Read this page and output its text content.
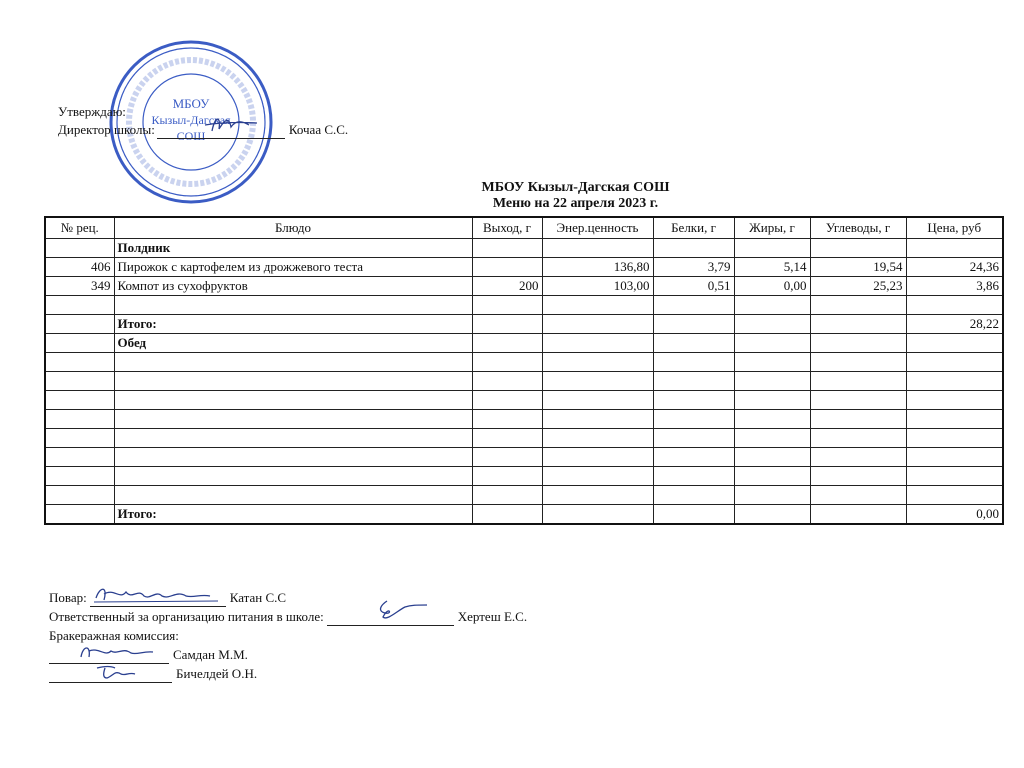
МБОУ
Кызыл-Дагская
СОШ
Утверждаю:
Директор школы:	Кочаа С.С.
МБОУ Кызыл-Дагская СОШ
Меню на 22 апреля 2023 г.
№ рец.	Блюдо	Выход, г	Энер.ценность	Белки, г	Жиры, г	Углеводы, г	Цена, руб
	Полдник						
406	Пирожок с картофелем из дрожжевого теста		136,80	3,79	5,14	19,54	24,36
349	Компот из сухофруктов	200	103,00	0,51	0,00	25,23	3,86

	Итого:						28,22
	Обед						

	Итого:						0,00
Повар:	Катан С.С
Ответственный за организацию питания в школе:	Хертеш Е.С.
Бракеражная комиссия:
Самдан М.М.
Бичелдей О.Н.
